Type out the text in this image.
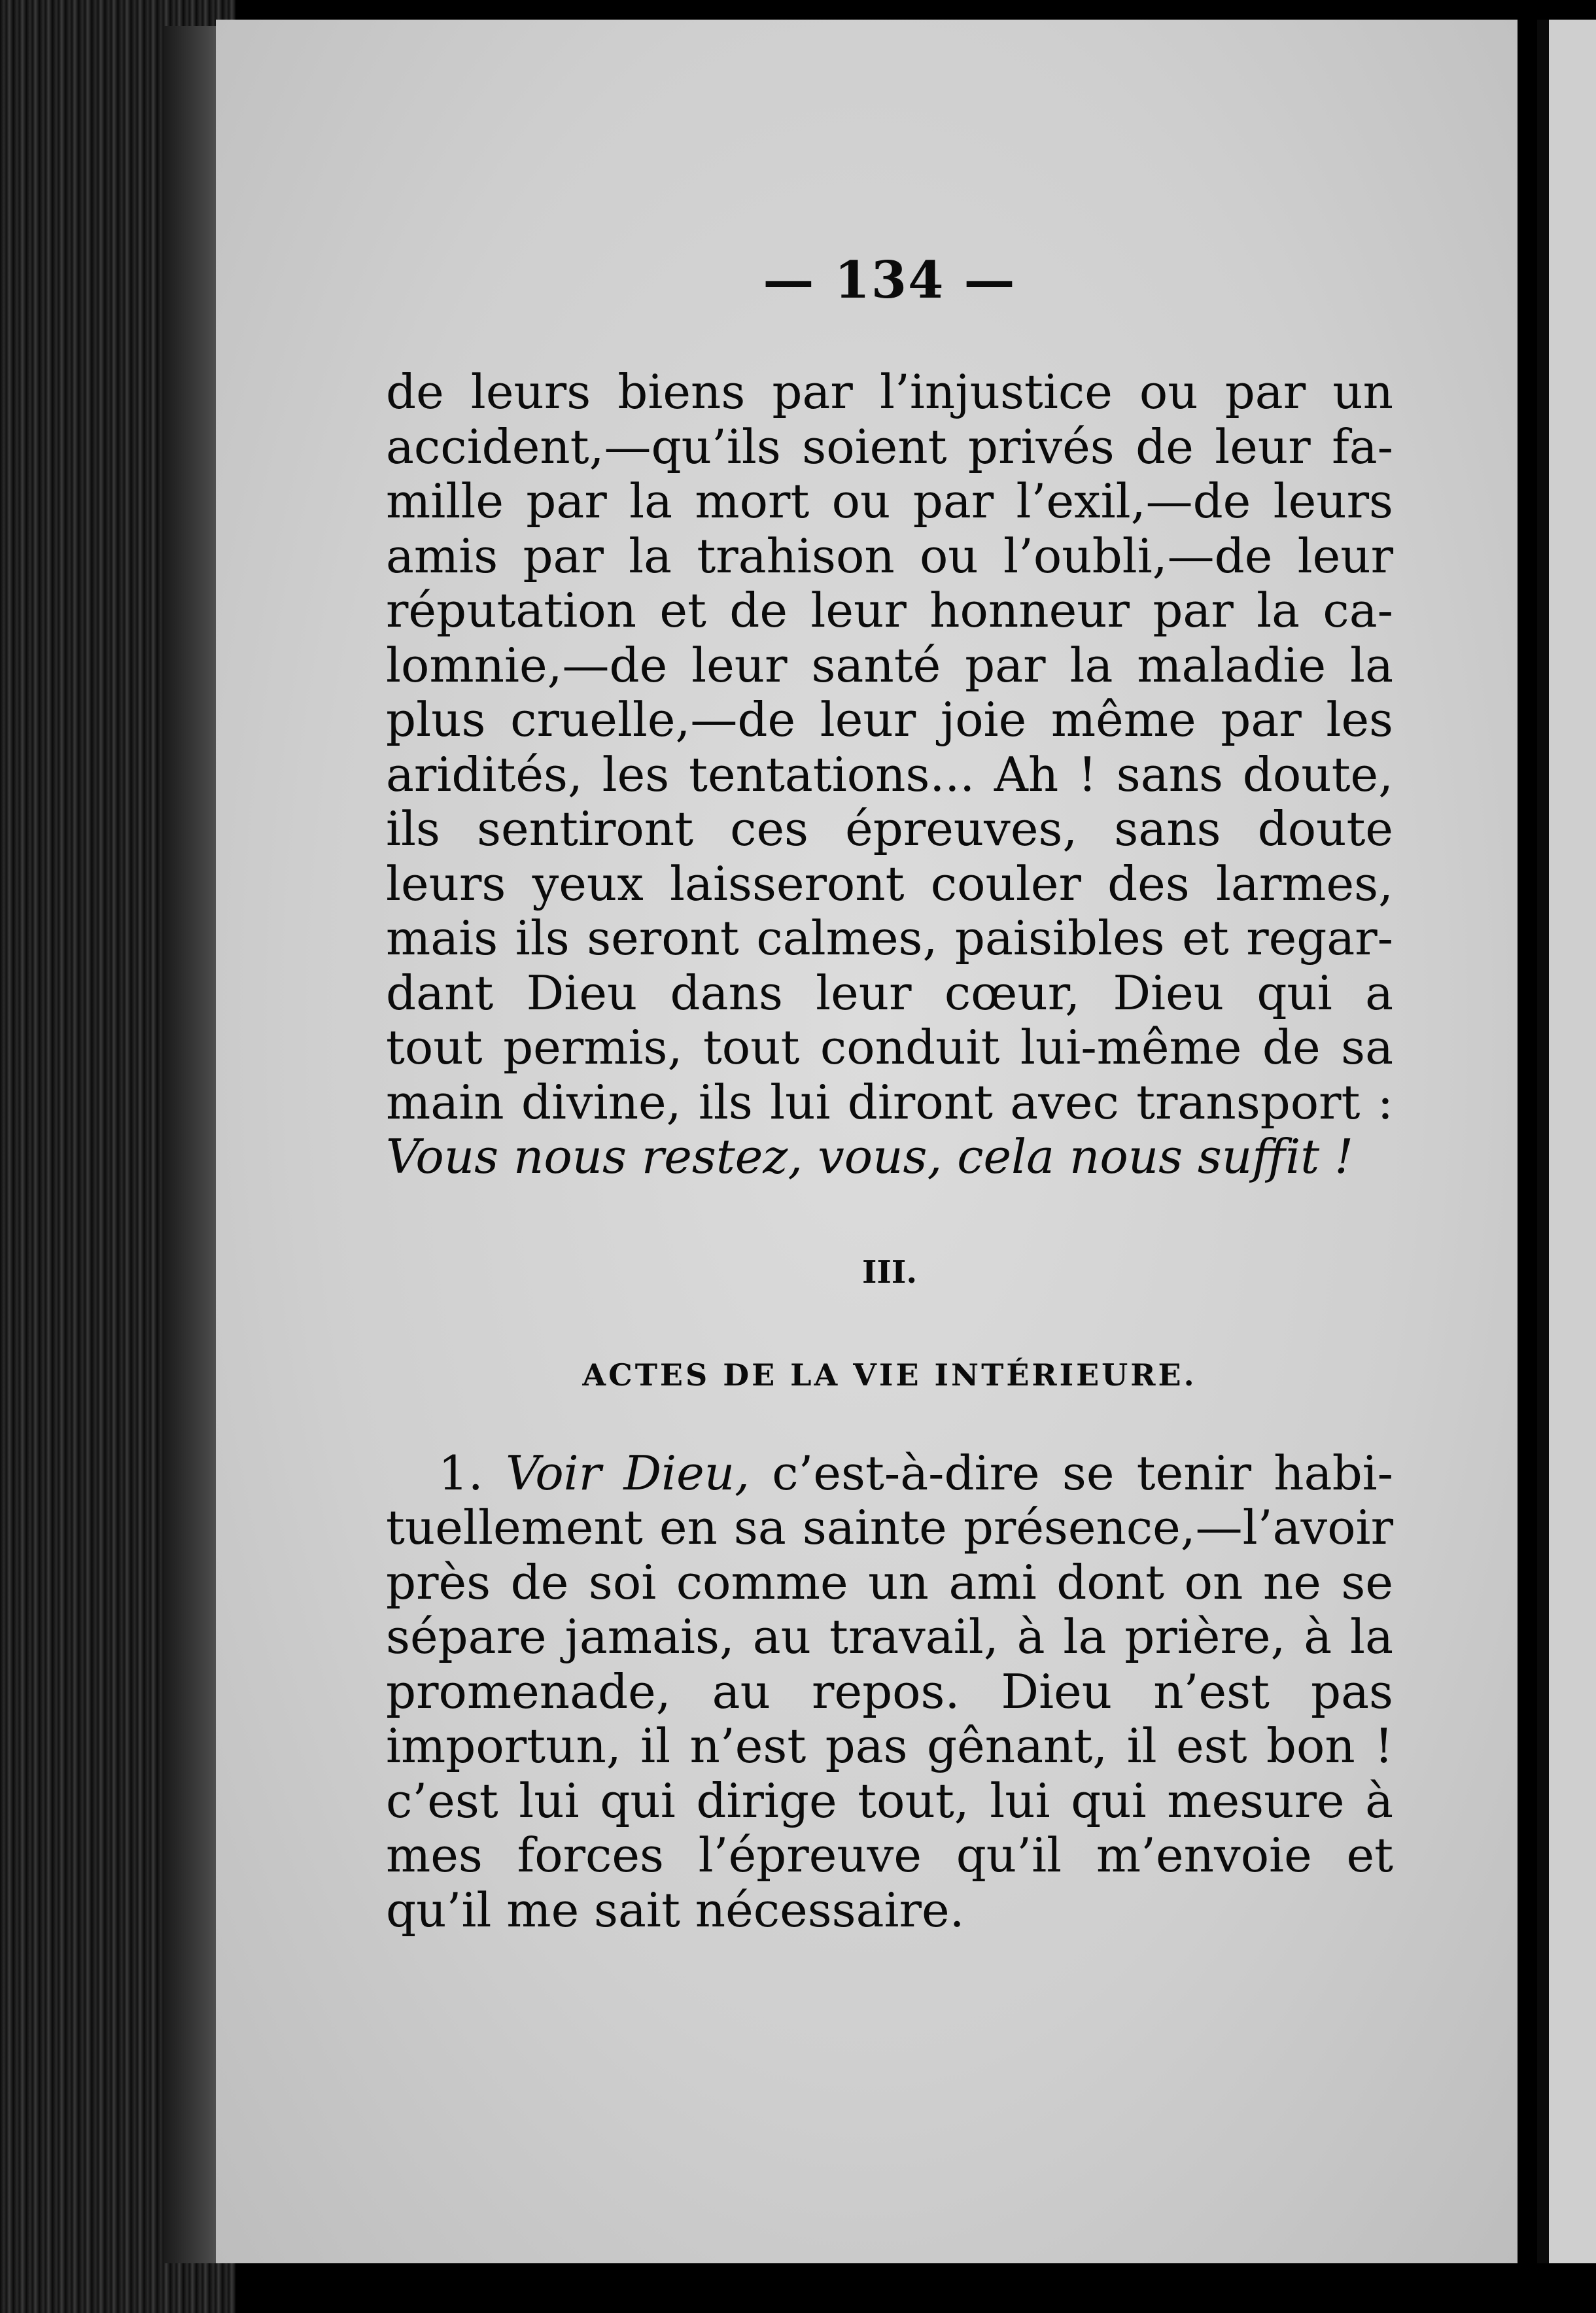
— 134 —

de leurs biens par l’injustice ou par un
accident,—qu’ils soient privés de leur fa-
mille par la mort ou par l’exil,—de leurs
amis par la trahison ou l’oubli,—de leur
réputation et de leur honneur par la ca-
lomnie,—de leur santé par la maladie la
plus cruelle,—de leur joie même par les
aridités, les tentations... Ah ! sans doute,
ils sentiront ces épreuves, sans doute
leurs yeux laisseront couler des larmes,
mais ils seront calmes, paisibles et regar-
dant Dieu dans leur cœur, Dieu qui a
tout permis, tout conduit lui-même de sa
main divine, ils lui diront avec transport :
Vous nous restez, vous, cela nous suffit !

III.
ACTES DE LA VIE INTÉRIEURE.

1. Voir Dieu, c’est-à-dire se tenir habi-
tuellement en sa sainte présence,—l’avoir
près de soi comme un ami dont on ne se
sépare jamais, au travail, à la prière, à la
promenade, au repos. Dieu n’est pas
importun, il n’est pas gênant, il est bon !
c’est lui qui dirige tout, lui qui mesure à
mes forces l’épreuve qu’il m’envoie et
qu’il me sait nécessaire.
